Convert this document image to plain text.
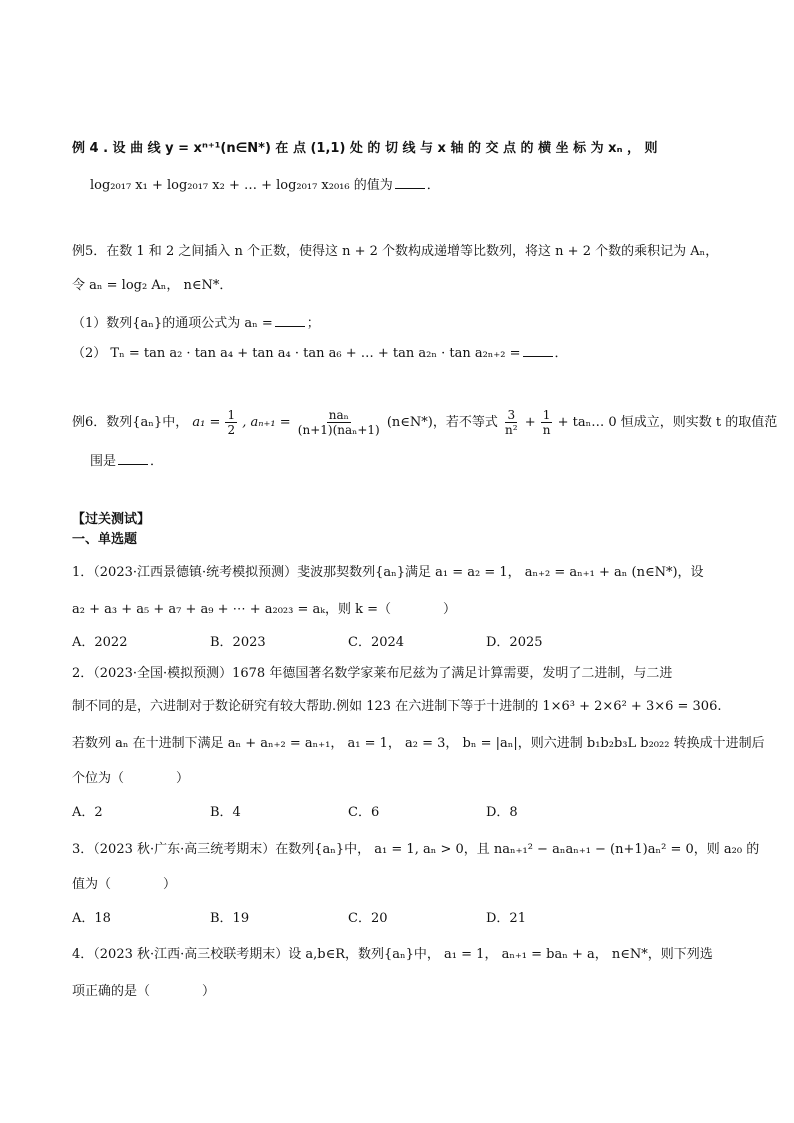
例 4 . 设 曲 线 y = xⁿ⁺¹(n∈N*) 在 点 (1,1) 处 的 切 线 与 x 轴 的 交 点 的 横 坐 标 为 xₙ ， 则
log₂₀₁₇ x₁ + log₂₀₁₇ x₂ + … + log₂₀₁₇ x₂₀₁₆ 的值为	．
例5．在数 1 和 2 之间插入 n 个正数，使得这 n + 2 个数构成递增等比数列，将这 n + 2 个数的乘积记为 Aₙ，
令 aₙ = log₂ Aₙ， n∈N*．
（1）数列{aₙ}的通项公式为 aₙ =	；
（2） Tₙ = tan a₂ · tan a₄ + tan a₄ · tan a₆ + … + tan a₂ₙ · tan a₂ₙ₊₂ =	．
例6．数列{aₙ}中， $a_1 = \frac{1}{2}$ , $a_{n+1} = \frac{\text{naₙ}}{\text{(n+1)(naₙ+1)}}$ (n∈N*)，若不等式 $\frac{3}{\text{n²}} + \frac{1}{n}$ + taₙ… 0 恒成立，则实数 t 的取值范
围是	．
【过关测试】
一、单选题
1．（2023·江西景德镇·统考模拟预测）斐波那契数列{aₙ}满足 a₁ = a₂ = 1， aₙ₊₂ = aₙ₊₁ + aₙ (n∈N*)，设
a₂ + a₃ + a₅ + a₇ + a₉ + ⋯ + a₂₀₂₃ = aₖ，则 k =（　　　　）
A．2022	B．2023	C．2024	D．2025
2．（2023·全国·模拟预测）1678 年德国著名数学家莱布尼兹为了满足计算需要，发明了二进制，与二进
制不同的是，六进制对于数论研究有较大帮助.例如 123 在六进制下等于十进制的 1×6³ + 2×6² + 3×6 = 306.
若数列 aₙ 在十进制下满足 aₙ + aₙ₊₂ = aₙ₊₁， a₁ = 1， a₂ = 3， bₙ = |aₙ|，则六进制 b₁b₂b₃L b₂₀₂₂ 转换成十进制后
个位为（　　　　）
A．2	B．4	C．6	D．8
3．（2023 秋·广东·高三统考期末）在数列{aₙ}中， a₁ = 1, aₙ > 0，且 naₙ₊₁² − aₙaₙ₊₁ − (n+1)aₙ² = 0，则 a₂₀ 的
值为（　　　　）
A．18	B．19	C．20	D．21
4．（2023 秋·江西·高三校联考期末）设 a,b∈R，数列{aₙ}中， a₁ = 1， aₙ₊₁ = baₙ + a， n∈N*，则下列选
项正确的是（　　　　）
